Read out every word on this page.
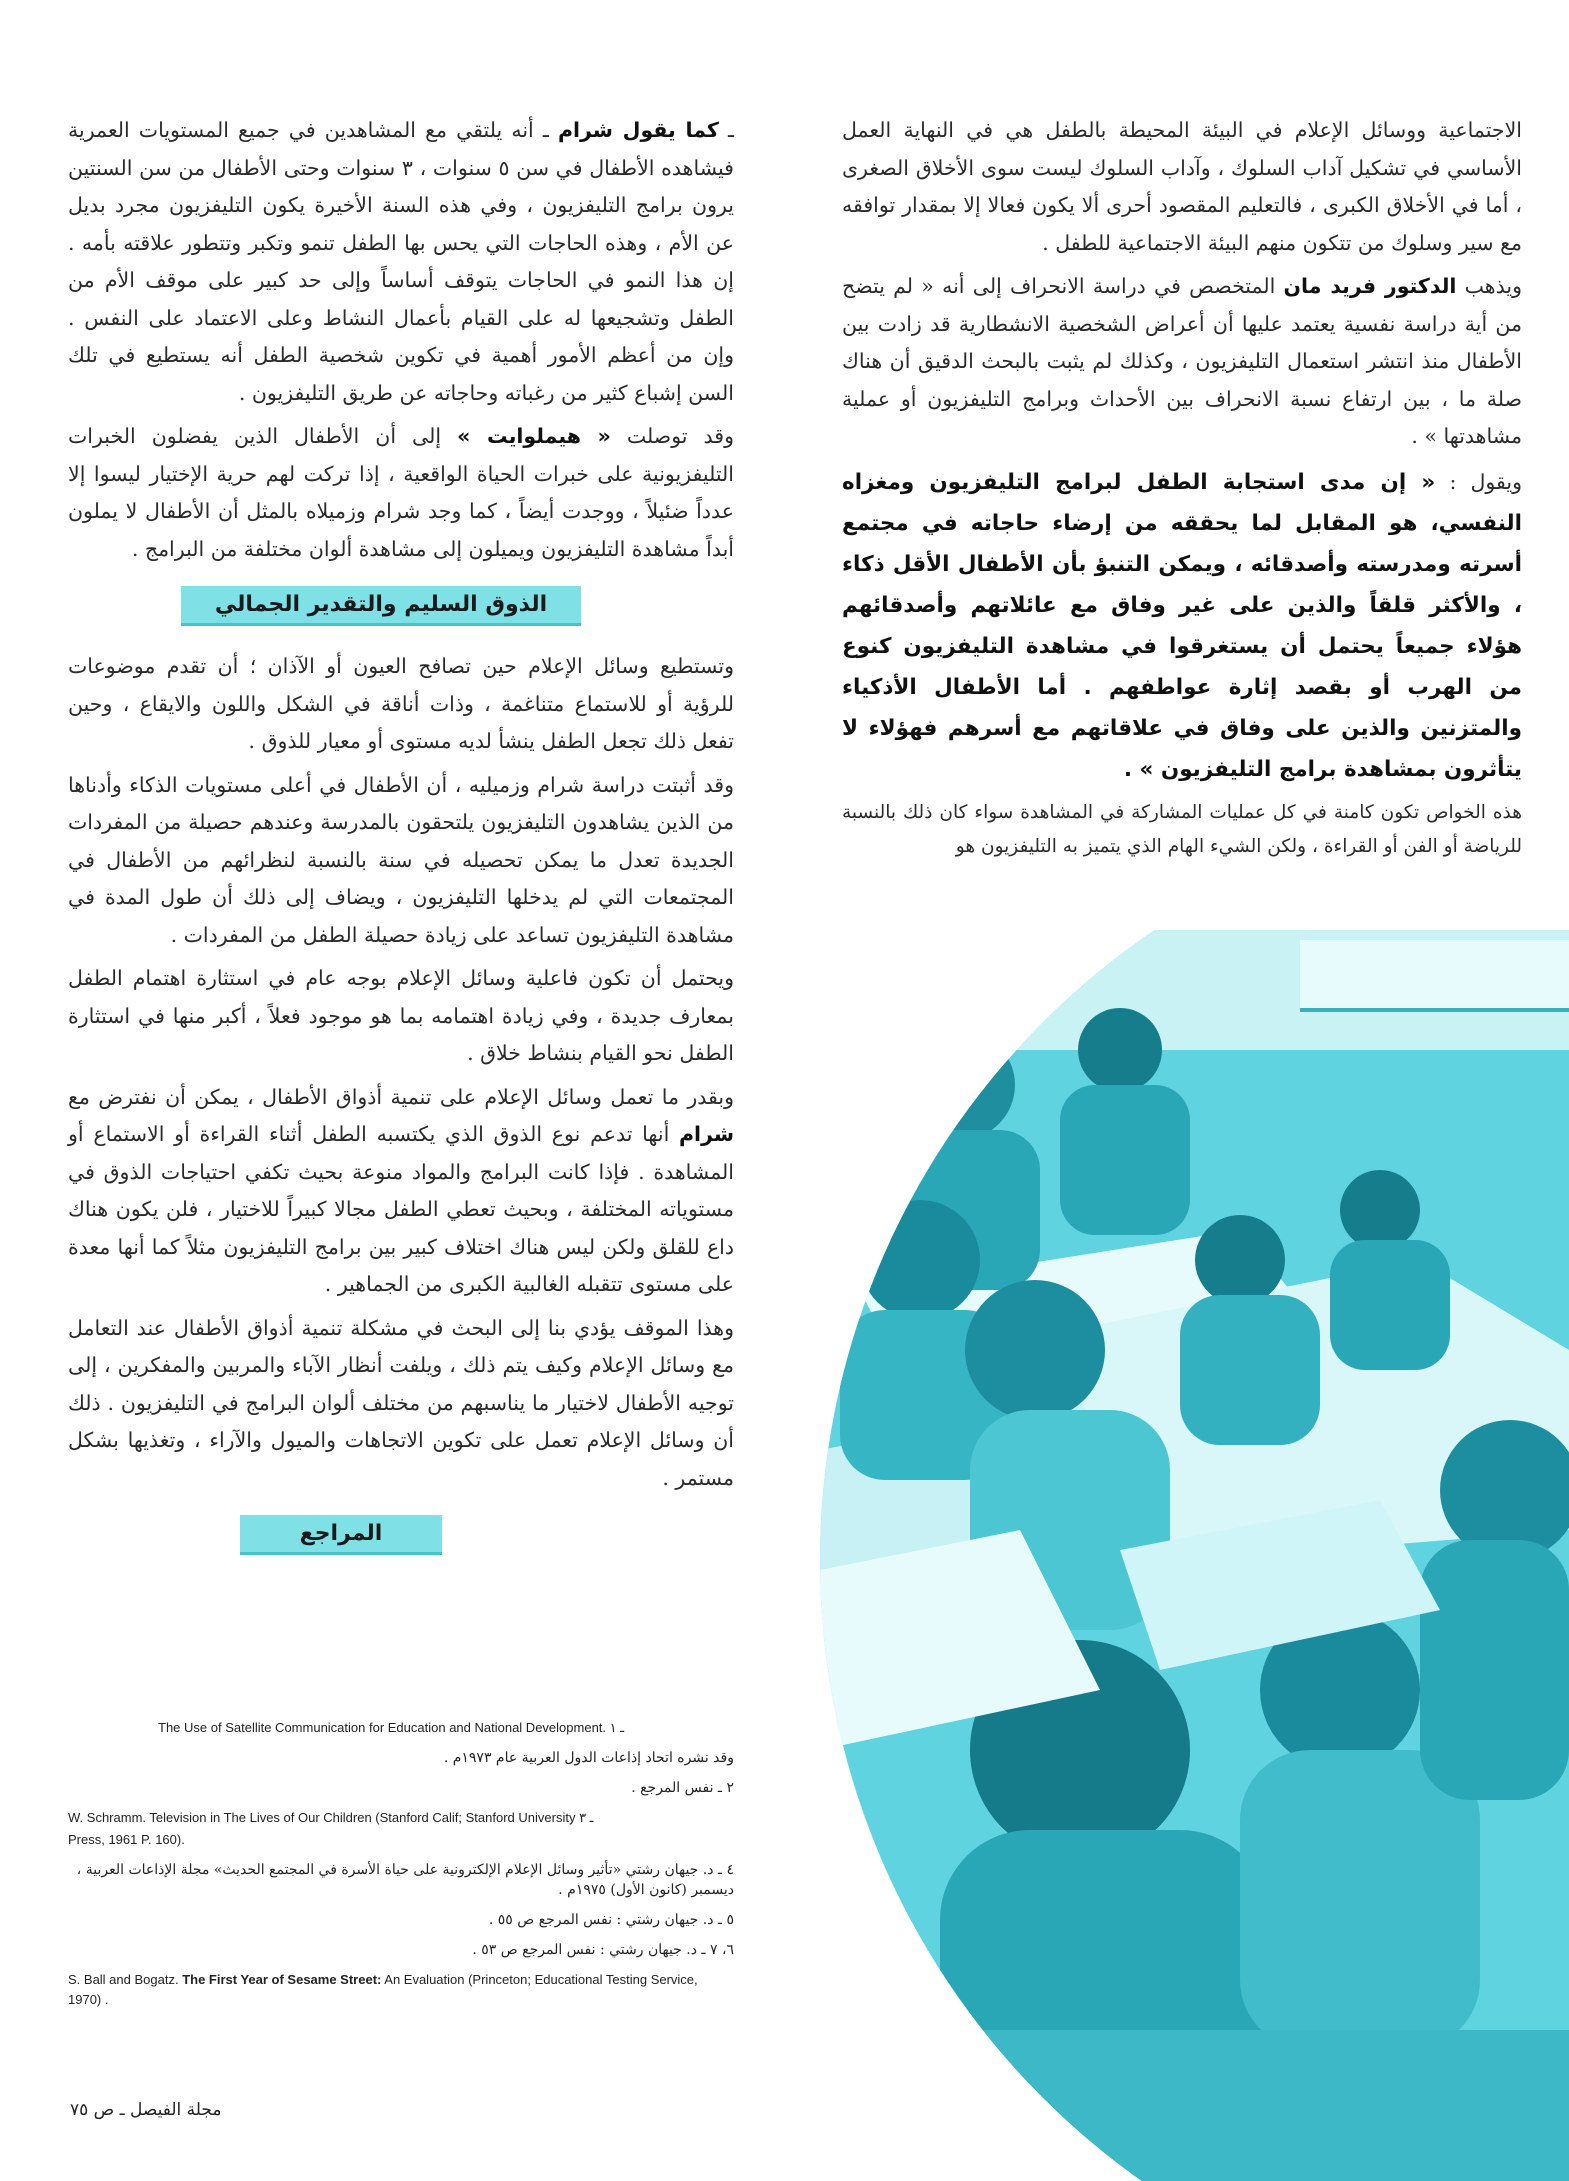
الاجتماعية ووسائل الإعلام في البيئة المحيطة بالطفل هي في النهاية العمل الأساسي في تشكيل آداب السلوك ، وآداب السلوك ليست سوى الأخلاق الصغرى ، أما في الأخلاق الكبرى ، فالتعليم المقصود أحرى ألا يكون فعالا إلا بمقدار توافقه مع سير وسلوك من تتكون منهم البيئة الاجتماعية للطفل .

ويذهب الدكتور فريد مان المتخصص في دراسة الانحراف إلى أنه « لم يتضح من أية دراسة نفسية يعتمد عليها أن أعراض الشخصية الانشطارية قد زادت بين الأطفال منذ انتشر استعمال التليفزيون ، وكذلك لم يثبت بالبحث الدقيق أن هناك صلة ما ، بين ارتفاع نسبة الانحراف بين الأحداث وبرامج التليفزيون أو عملية مشاهدتها » .

ويقول : « إن مدى استجابة الطفل لبرامج التليفزيون ومغزاه النفسي، هو المقابل لما يحققه من إرضاء حاجاته في مجتمع أسرته ومدرسته وأصدقائه ، ويمكن التنبؤ بأن الأطفال الأقل ذكاء ، والأكثر قلقاً والذين على غير وفاق مع عائلاتهم وأصدقائهم هؤلاء جميعاً يحتمل أن يستغرقوا في مشاهدة التليفزيون كنوع من الهرب أو بقصد إثارة عواطفهم . أما الأطفال الأذكياء والمتزنين والذين على وفاق في علاقاتهم مع أسرهم فهؤلاء لا يتأثرون بمشاهدة برامج التليفزيون » .

هذه الخواص تكون كامنة في كل عمليات المشاركة في المشاهدة سواء كان ذلك بالنسبة للرياضة أو الفن أو القراءة ، ولكن الشيء الهام الذي يتميز به التليفزيون هو

ـ كما يقول شرام ـ أنه يلتقي مع المشاهدين في جميع المستويات العمرية فيشاهده الأطفال في سن ٥ سنوات ، ٣ سنوات وحتى الأطفال من سن السنتين يرون برامج التليفزيون ، وفي هذه السنة الأخيرة يكون التليفزيون مجرد بديل عن الأم ، وهذه الحاجات التي يحس بها الطفل تنمو وتكبر وتتطور علاقته بأمه . إن هذا النمو في الحاجات يتوقف أساساً وإلى حد كبير على موقف الأم من الطفل وتشجيعها له على القيام بأعمال النشاط وعلى الاعتماد على النفس . وإن من أعظم الأمور أهمية في تكوين شخصية الطفل أنه يستطيع في تلك السن إشباع كثير من رغباته وحاجاته عن طريق التليفزيون .

وقد توصلت « هيملوايت » إلى أن الأطفال الذين يفضلون الخبرات التليفزيونية على خبرات الحياة الواقعية ، إذا تركت لهم حرية الإختيار ليسوا إلا عدداً ضئيلاً ، ووجدت أيضاً ، كما وجد شرام وزميلاه بالمثل أن الأطفال لا يملون أبداً مشاهدة التليفزيون ويميلون إلى مشاهدة ألوان مختلفة من البرامج .

الذوق السليم والتقدير الجمالي

وتستطيع وسائل الإعلام حين تصافح العيون أو الآذان ؛ أن تقدم موضوعات للرؤية أو للاستماع متناغمة ، وذات أناقة في الشكل واللون والايقاع ، وحين تفعل ذلك تجعل الطفل ينشأ لديه مستوى أو معيار للذوق .

وقد أثبتت دراسة شرام وزميليه ، أن الأطفال في أعلى مستويات الذكاء وأدناها من الذين يشاهدون التليفزيون يلتحقون بالمدرسة وعندهم حصيلة من المفردات الجديدة تعدل ما يمكن تحصيله في سنة بالنسبة لنظرائهم من الأطفال في المجتمعات التي لم يدخلها التليفزيون ، ويضاف إلى ذلك أن طول المدة في مشاهدة التليفزيون تساعد على زيادة حصيلة الطفل من المفردات .

ويحتمل أن تكون فاعلية وسائل الإعلام بوجه عام في استثارة اهتمام الطفل بمعارف جديدة ، وفي زيادة اهتمامه بما هو موجود فعلاً ، أكبر منها في استثارة الطفل نحو القيام بنشاط خلاق .

وبقدر ما تعمل وسائل الإعلام على تنمية أذواق الأطفال ، يمكن أن نفترض مع شرام أنها تدعم نوع الذوق الذي يكتسبه الطفل أثناء القراءة أو الاستماع أو المشاهدة . فإذا كانت البرامج والمواد منوعة بحيث تكفي احتياجات الذوق في مستوياته المختلفة ، وبحيث تعطي الطفل مجالا كبيراً للاختيار ، فلن يكون هناك داع للقلق ولكن ليس هناك اختلاف كبير بين برامج التليفزيون مثلاً كما أنها معدة على مستوى تتقبله الغالبية الكبرى من الجماهير .

وهذا الموقف يؤدي بنا إلى البحث في مشكلة تنمية أذواق الأطفال عند التعامل مع وسائل الإعلام وكيف يتم ذلك ، ويلفت أنظار الآباء والمربين والمفكرين ، إلى توجيه الأطفال لاختيار ما يناسبهم من مختلف ألوان البرامج في التليفزيون . ذلك أن وسائل الإعلام تعمل على تكوين الاتجاهات والميول والآراء ، وتغذيها بشكل مستمر .

المراجع
The Use of Satellite Communication for Education and National Development. ـ ١
وقد نشره اتحاد إذاعات الدول العربية عام ١٩٧٣م .
٢ ـ نفس المرجع .
W. Schramm. Television in The Lives of Our Children (Stanford Calif; Stanford University ـ ٣
Press, 1961 P. 160).
٤ ـ د. جيهان رشتي «تأثير وسائل الإعلام الإلكترونية على حياة الأسرة في المجتمع الحديث» مجلة الإذاعات العربية ، ديسمبر (كانون الأول) ١٩٧٥م .
٥ ـ د. جيهان رشتي : نفس المرجع ص ٥٥ .
٦، ٧ ـ د. جيهان رشتي : نفس المرجع ص ٥٣ .
S. Ball and Bogatz. The First Year of Sesame Street: An Evaluation (Princeton; Educational Testing Service, 1970) .
مجلة الفيصل ـ ص ٧٥
